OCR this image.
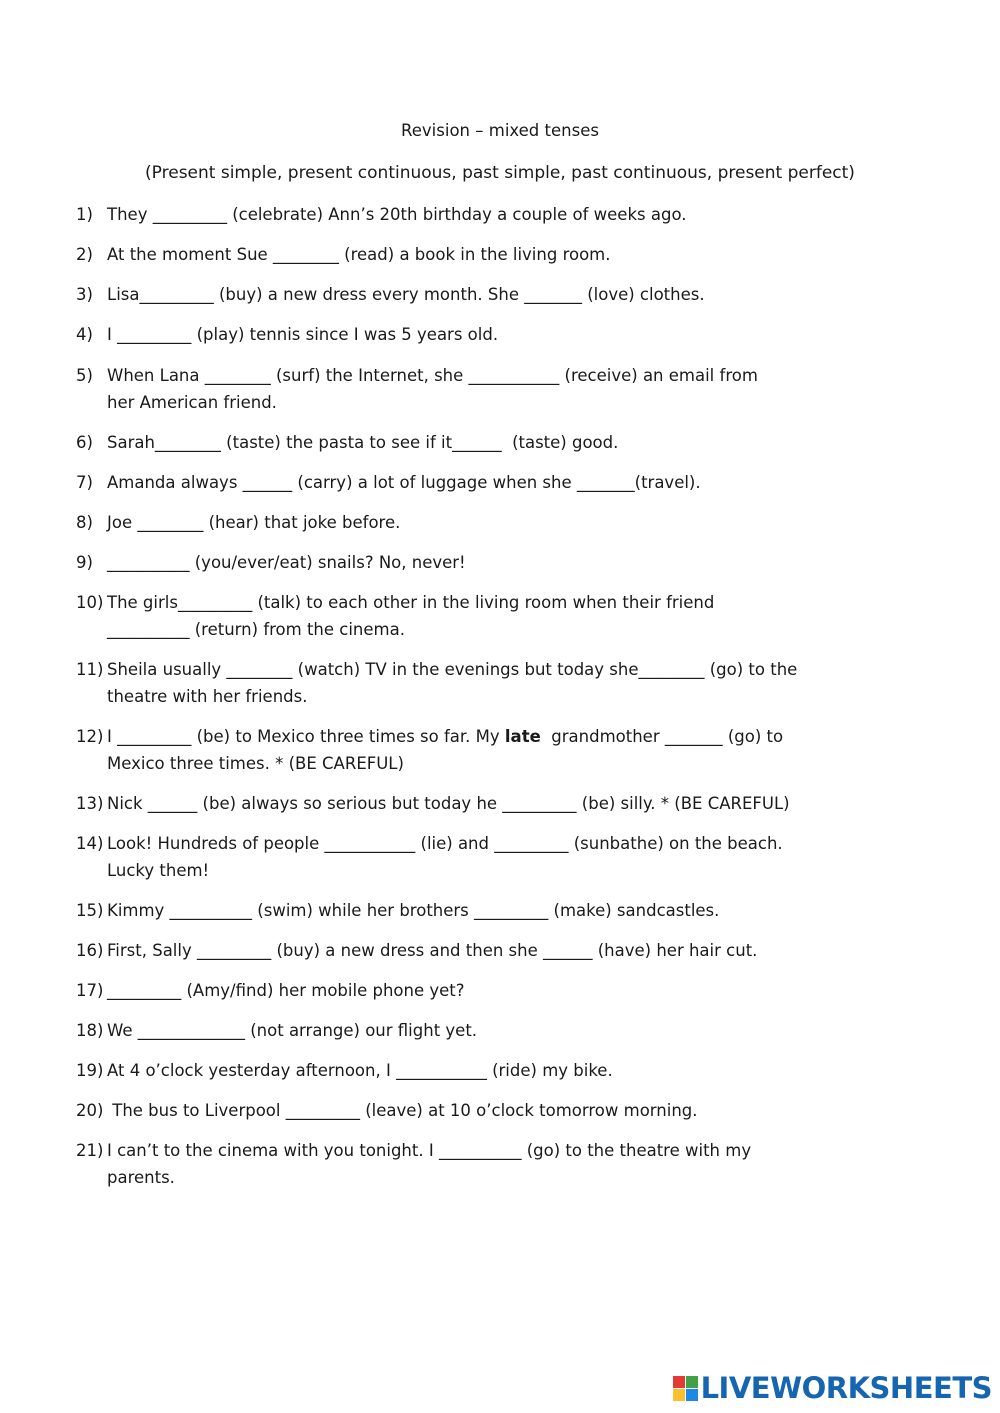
Revision – mixed tenses
(Present simple, present continuous, past simple, past continuous, present perfect)
1) They _________ (celebrate) Ann’s 20th birthday a couple of weeks ago.
2) At the moment Sue ________ (read) a book in the living room.
3) Lisa_________ (buy) a new dress every month. She _______ (love) clothes.
4) I _________ (play) tennis since I was 5 years old.
5) When Lana ________ (surf) the Internet, she ___________ (receive) an email from
her American friend.
6) Sarah________ (taste) the pasta to see if it______  (taste) good.
7) Amanda always ______ (carry) a lot of luggage when she _______(travel).
8) Joe ________ (hear) that joke before.
9) __________ (you/ever/eat) snails? No, never!
10) The girls_________ (talk) to each other in the living room when their friend
__________ (return) from the cinema.
11) Sheila usually ________ (watch) TV in the evenings but today she________ (go) to the
theatre with her friends.
12) I _________ (be) to Mexico three times so far. My late  grandmother _______ (go) to
Mexico three times. * (BE CAREFUL)
13) Nick ______ (be) always so serious but today he _________ (be) silly. * (BE CAREFUL)
14) Look! Hundreds of people ___________ (lie) and _________ (sunbathe) on the beach.
Lucky them!
15) Kimmy __________ (swim) while her brothers _________ (make) sandcastles.
16) First, Sally _________ (buy) a new dress and then she ______ (have) her hair cut.
17) _________ (Amy/find) her mobile phone yet?
18) We _____________ (not arrange) our flight yet.
19) At 4 o’clock yesterday afternoon, I ___________ (ride) my bike.
20) The bus to Liverpool _________ (leave) at 10 o’clock tomorrow morning.
21) I can’t to the cinema with you tonight. I __________ (go) to the theatre with my
parents.
LIVEWORKSHEETS
